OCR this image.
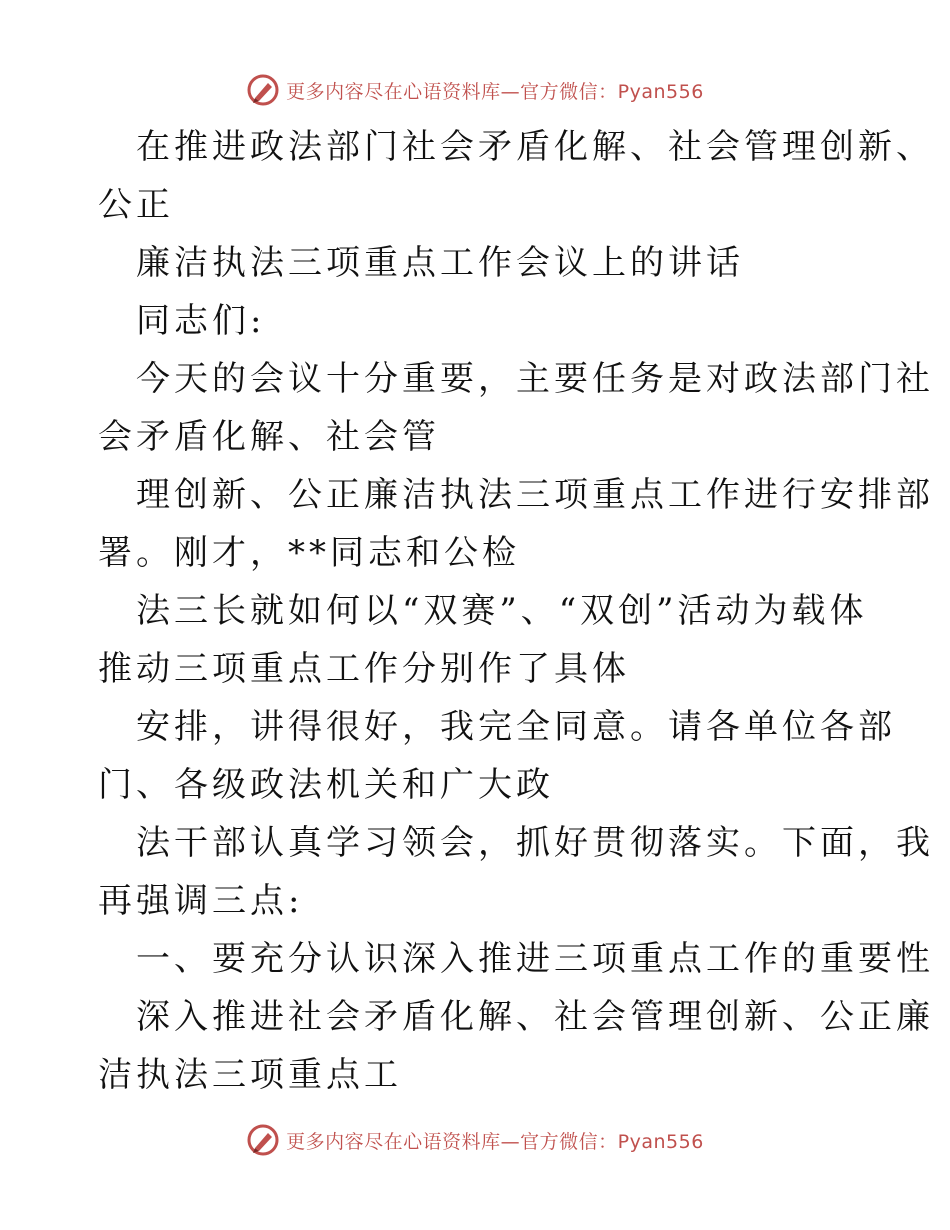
更多内容尽在心语资料库—官方微信：Pyan556
在推进政法部门社会矛盾化解、社会管理创新、
公正
廉洁执法三项重点工作会议上的讲话
同志们:
今天的会议十分重要，主要任务是对政法部门社
会矛盾化解、社会管
理创新、公正廉洁执法三项重点工作进行安排部
署。刚才，**同志和公检
法三长就如何以“双赛”、“双创”活动为载体
推动三项重点工作分别作了具体
安排，讲得很好，我完全同意。请各单位各部
门、各级政法机关和广大政
法干部认真学习领会，抓好贯彻落实。下面，我
再强调三点:
一、要充分认识深入推进三项重点工作的重要性
深入推进社会矛盾化解、社会管理创新、公正廉
洁执法三项重点工
更多内容尽在心语资料库—官方微信：Pyan556
